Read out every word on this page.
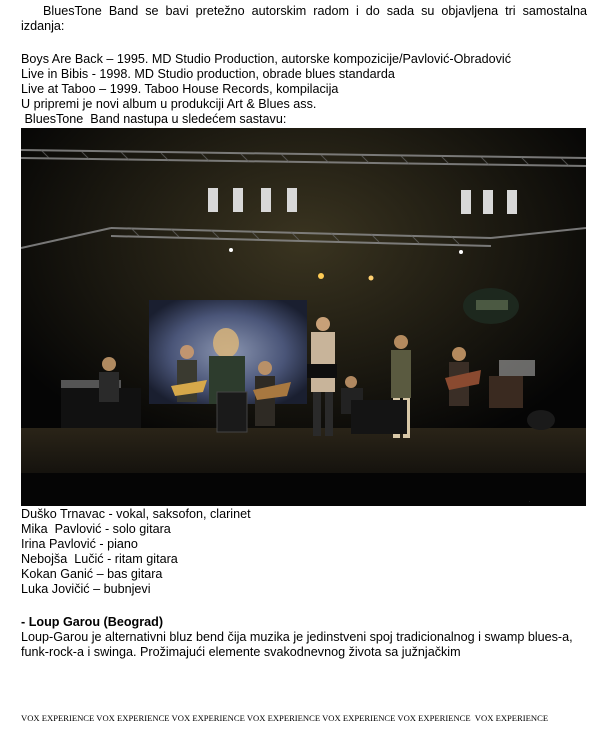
BluesTone Band se bavi pretežno autorskim radom i do sada su objavljena tri samostalna izdanja:

Boys Are Back – 1995. MD Studio Production, autorske kompozicije/Pavlović-Obradović
Live in Bibis - 1998. MD Studio production, obrade blues standarda
Live at Taboo – 1999. Taboo House Records, kompilacija
U pripremi je novi album u produkciji Art & Blues ass.
BluesTone  Band nastupa u sledećem sastavu:
.
Duško Trnavac - vokal, saksofon, clarinet
Mika  Pavlović - solo gitara
Irina Pavlović - piano
Nebojša  Lučić - ritam gitara
Kokan Ganić – bas gitara
Luka Jovičić – bubnjevi
- Loup Garou (Beograd)

Loup-Garou je alternativni bluz bend čija muzika je jedinstveni spoj tradicionalnog i swamp blues-a, funk-rock-a i swinga. Prožimajući elemente svakodnevnog života sa južnjačkim

VOX EXPERIENCE VOX EXPERIENCE VOX EXPERIENCE VOX EXPERIENCE VOX EXPERIENCE VOX EXPERIENCE  VOX EXPERIENCE
